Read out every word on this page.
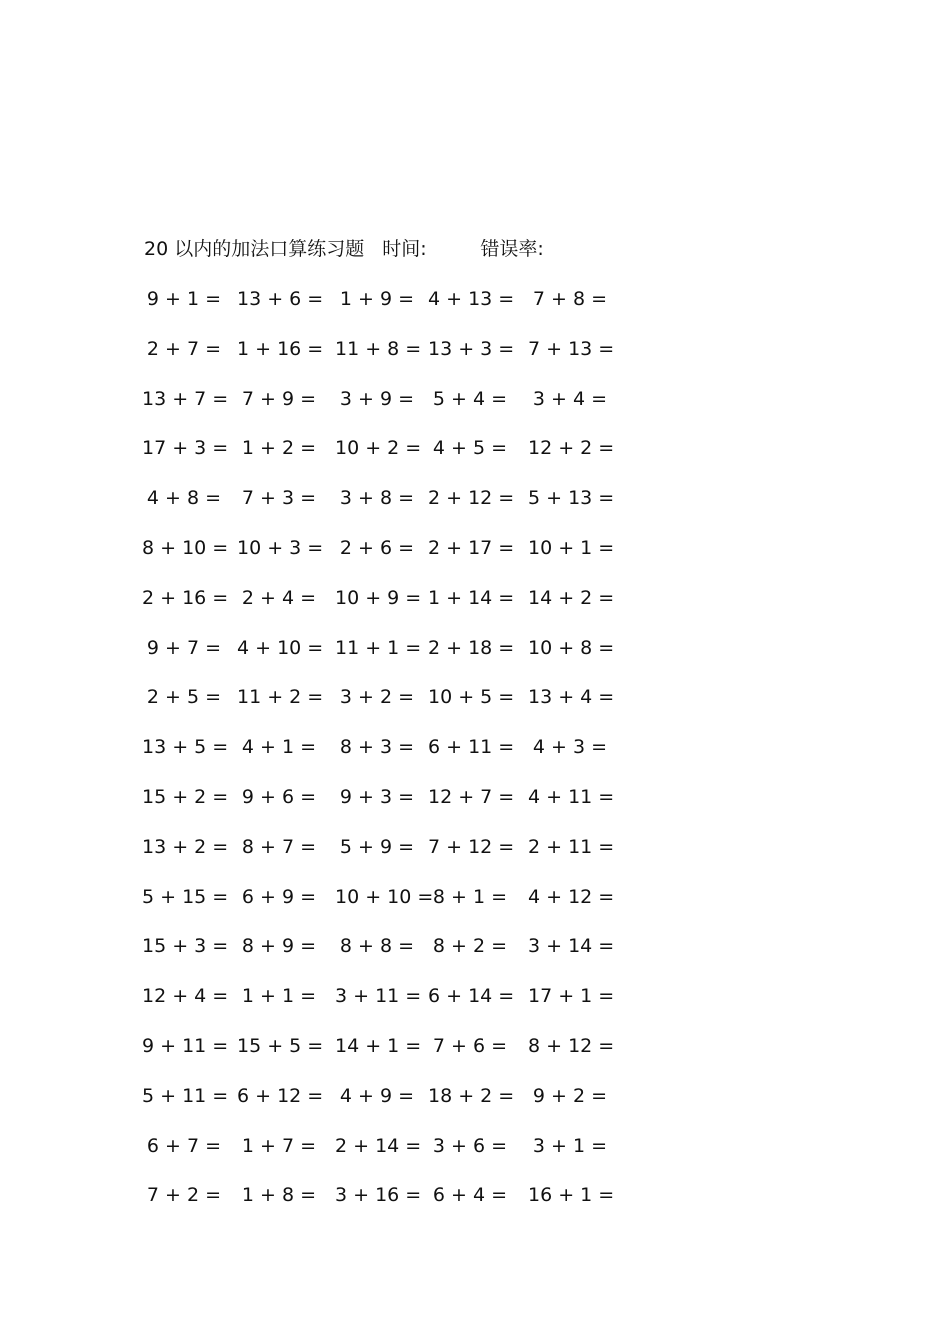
20 以内的加法口算练习题 时间:	错误率:
9 + 1 = 13 + 6 = 1 + 9 = 4 + 13 = 7 + 8 =
2 + 7 = 1 + 16 = 11 + 8 = 13 + 3 = 7 + 13 =
13 + 7 = 7 + 9 = 3 + 9 = 5 + 4 = 3 + 4 =
17 + 3 = 1 + 2 = 10 + 2 = 4 + 5 = 12 + 2 =
4 + 8 = 7 + 3 = 3 + 8 = 2 + 12 = 5 + 13 =
8 + 10 = 10 + 3 = 2 + 6 = 2 + 17 = 10 + 1 =
2 + 16 = 2 + 4 = 10 + 9 = 1 + 14 = 14 + 2 =
9 + 7 = 4 + 10 = 11 + 1 = 2 + 18 = 10 + 8 =
2 + 5 = 11 + 2 = 3 + 2 = 10 + 5 = 13 + 4 =
13 + 5 = 4 + 1 = 8 + 3 = 6 + 11 = 4 + 3 =
15 + 2 = 9 + 6 = 9 + 3 = 12 + 7 = 4 + 11 =
13 + 2 = 8 + 7 = 5 + 9 = 7 + 12 = 2 + 11 =
5 + 15 = 6 + 9 = 10 + 10 = 8 + 1 = 4 + 12 =
15 + 3 = 8 + 9 = 8 + 8 = 8 + 2 = 3 + 14 =
12 + 4 = 1 + 1 = 3 + 11 = 6 + 14 = 17 + 1 =
9 + 11 = 15 + 5 = 14 + 1 = 7 + 6 = 8 + 12 =
5 + 11 = 6 + 12 = 4 + 9 = 18 + 2 = 9 + 2 =
6 + 7 = 1 + 7 = 2 + 14 = 3 + 6 = 3 + 1 =
7 + 2 = 1 + 8 = 3 + 16 = 6 + 4 = 16 + 1 =
